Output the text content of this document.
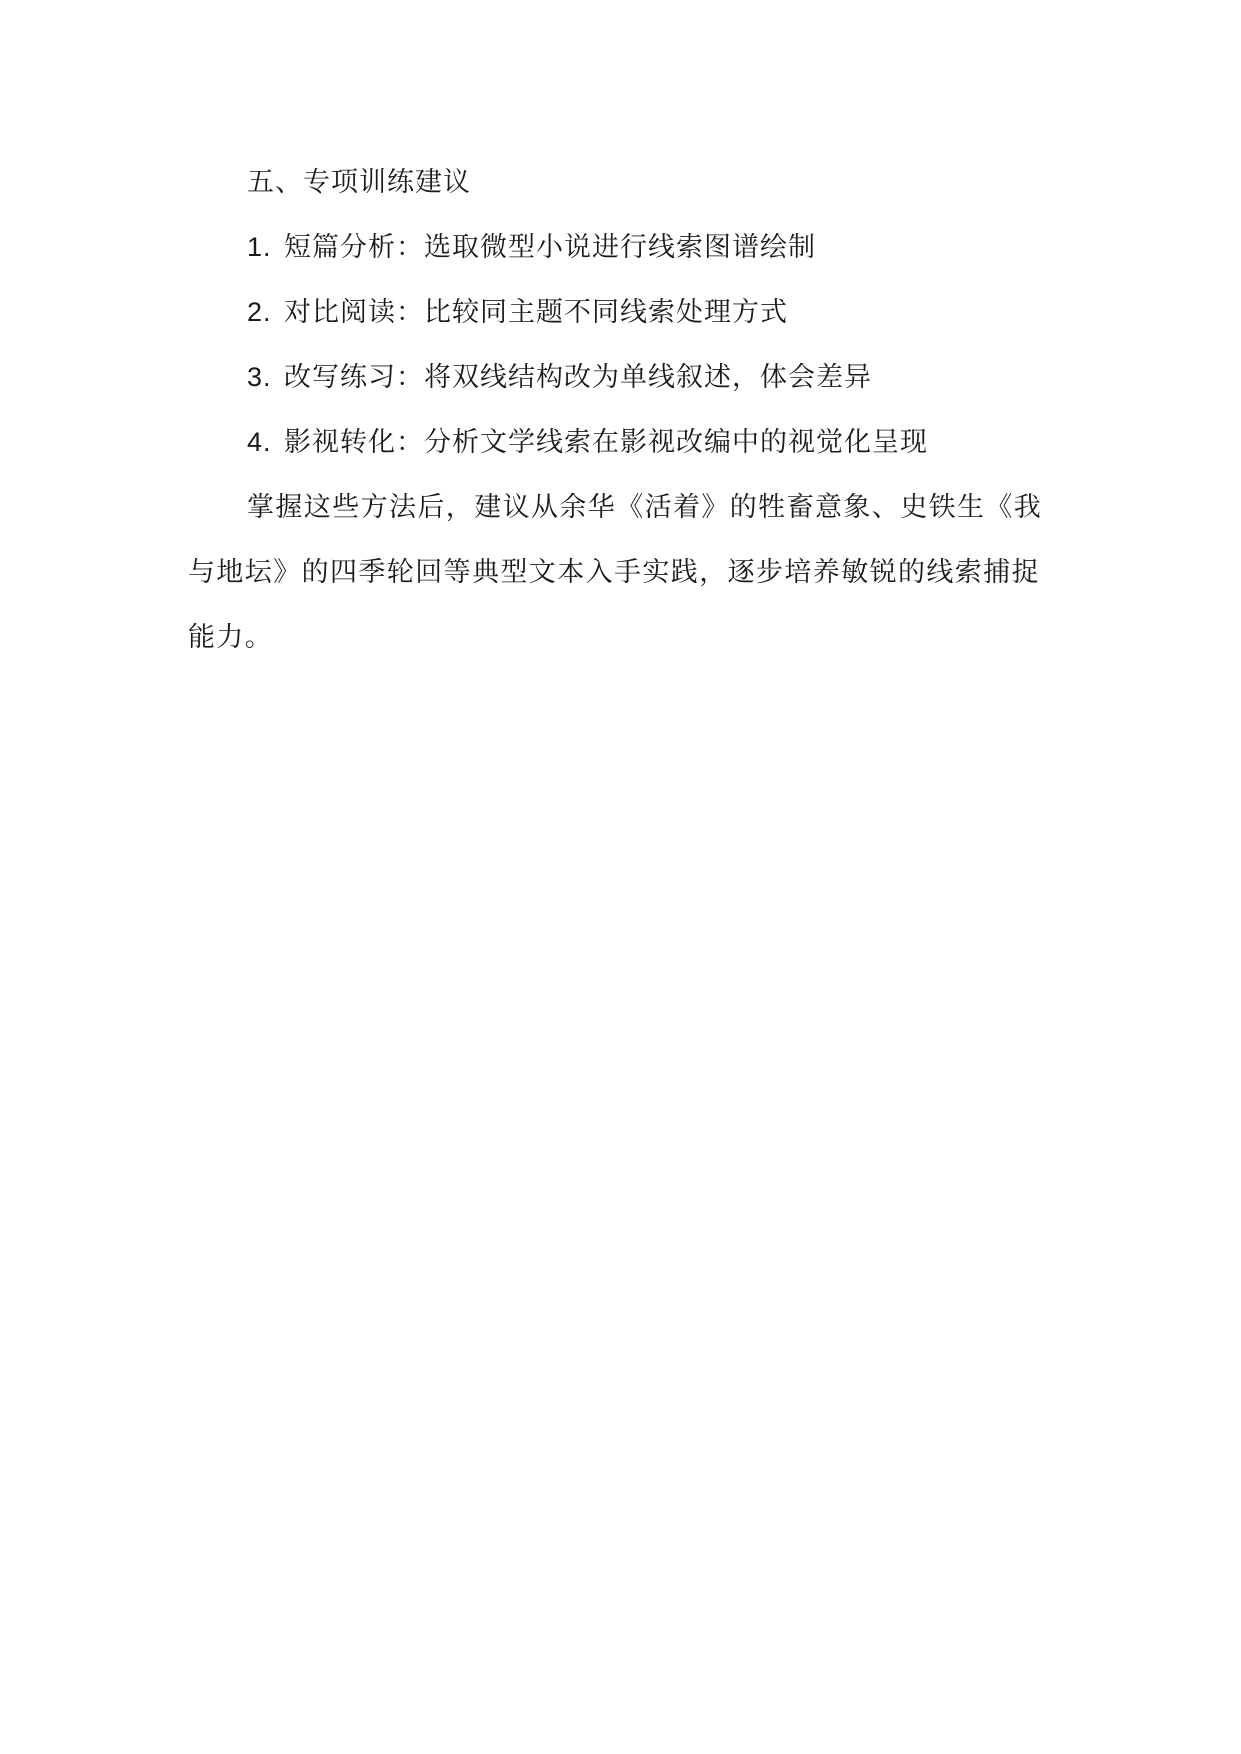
五、专项训练建议
1. 短篇分析：选取微型小说进行线索图谱绘制
2. 对比阅读：比较同主题不同线索处理方式
3. 改写练习：将双线结构改为单线叙述，体会差异
4. 影视转化：分析文学线索在影视改编中的视觉化呈现

掌握这些方法后，建议从余华《活着》的牲畜意象、史铁生《我与地坛》的四季轮回等典型文本入手实践，逐步培养敏锐的线索捕捉能力。
